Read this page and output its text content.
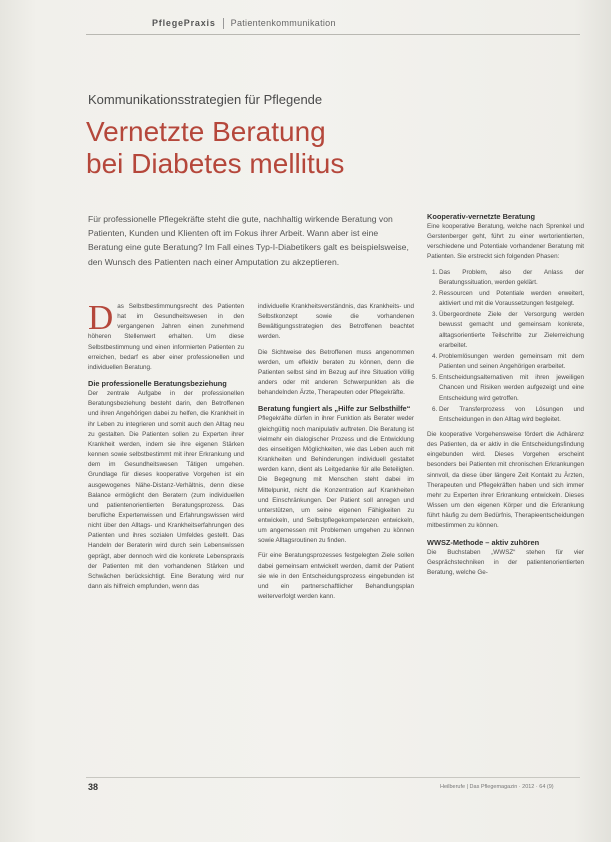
PflegePraxis Patientenkommunikation
Kommunikationsstrategien für Pflegende
Vernetzte Beratung
bei Diabetes mellitus
Für professionelle Pflegekräfte steht die gute, nachhaltig wirkende Beratung von Patienten, Kunden und Klienten oft im Fokus ihrer Arbeit. Wann aber ist eine Beratung eine gute Beratung? Im Fall eines Typ-I-Diabetikers galt es beispielsweise, den Wunsch des Patienten nach einer Amputation zu akzeptieren.

Das Selbstbestimmungsrecht des Patienten hat im Gesundheitswesen in den vergangenen Jahren einen zunehmend höheren Stellenwert erhalten. Um diese Selbstbestimmung und einen informierten Patienten zu erreichen, bedarf es aber einer professionellen und individuellen Beratung.

Die professionelle Beratungsbeziehung

Der zentrale Aufgabe in der professionellen Beratungsbeziehung besteht darin, den Betroffenen und ihren Angehörigen dabei zu helfen, die Krankheit in ihr Leben zu integrieren und somit auch den Alltag neu zu gestalten. Die Patienten sollen zu Experten ihrer Krankheit werden, indem sie ihre eigenen Stärken kennen sowie selbstbestimmt mit ihrer Erkrankung und dem im Gesundheitswesen Tätigen umgehen. Grundlage für dieses kooperative Vorgehen ist ein ausgewogenes Nähe-Distanz-Verhältnis, denn diese Balance ermöglicht den Beratern (zum individuellen und patientenorientierten Beratungsprozess. Das berufliche Expertenwissen und Erfahrungswissen wird nicht über den Alltags- und Krankheitserfahrungen des Patienten und ihres sozialen Umfeldes gestellt. Das Handeln der Beraterin wird durch sein Lebenswissen geprägt, aber dennoch wird die konkrete Lebenspraxis der Patienten mit den vorhandenen Stärken und Schwächen berücksichtigt. Eine Beratung wird nur dann als hilfreich empfunden, wenn das

individuelle Krankheitsverständnis, das Krankheits- und Selbstkonzept sowie die vorhandenen Bewältigungsstrategien des Betroffenen beachtet werden.

Die Sichtweise des Betroffenen muss angenommen werden, um effektiv beraten zu können, denn die Patienten selbst sind im Bezug auf ihre Situation völlig anders oder mit anderen Schwerpunkten als die behandelnden Ärzte, Therapeuten oder Pflegekräfte.

Beratung fungiert als „Hilfe zur Selbsthilfe“

Pflegekräfte dürfen in ihrer Funktion als Berater weder gleichgültig noch manipulativ auftreten. Die Beratung ist vielmehr ein dialogischer Prozess und die Entwicklung des einseitigen Möglichkeiten, wie das Leben auch mit Krankheiten und Behinderungen individuell gestaltet werden kann, dient als Leitgedanke für alle Beteiligten. Die Begegnung mit Menschen steht dabei im Mittelpunkt, nicht die Konzentration auf Krankheiten und Einschränkungen. Der Patient soll anregen und unterstützen, um seine eigenen Fähigkeiten zu entwickeln, und Selbstpflegekompetenzen entwickeln, um angemessen mit Problemen umgehen zu können sowie Alltagsroutinen zu finden.

Für eine Beratungsprozesses festgelegten Ziele sollen dabei gemeinsam entwickelt werden, damit der Patient sie wie in den Entscheidungsprozess eingebunden ist und ein partnerschaftlicher Behandlungsplan weiterverfolgt werden kann.

Kooperativ-vernetzte Beratung

Eine kooperative Beratung, welche nach Sprenkel und Gerstenberger geht, führt zu einer wertorientierten, verschiedene und Potentiale vorhandener Beratung mit Patienten. Sie erstreckt sich folgenden Phasen:

1. Das Problem, also der Anlass der Beratungssituation, werden geklärt.
2. Ressourcen und Potentiale werden erweitert, aktiviert und mit die Voraussetzungen festgelegt.
3. Übergeordnete Ziele der Versorgung werden bewusst gemacht und gemeinsam konkrete, alltagsorientierte Teilschritte zur Zielerreichung erarbeitet.
4. Problemlösungen werden gemeinsam mit dem Patienten und seinen Angehörigen erarbeitet.
5. Entscheidungsalternativen mit ihren jeweiligen Chancen und Risiken werden aufgezeigt und eine Entscheidung wird getroffen.
6. Der Transferprozess von Lösungen und Entscheidungen in den Alltag wird begleitet.

Die kooperative Vorgehensweise fördert die Adhärenz des Patienten, da er aktiv in die Entscheidungsfindung eingebunden wird. Dieses Vorgehen erscheint besonders bei Patienten mit chronischen Erkrankungen sinnvoll, da diese über längere Zeit Kontakt zu Ärzten, Therapeuten und Pflegekräften haben und sich immer mehr zu Experten ihrer Erkrankung entwickeln. Dieses Wissen um den eigenen Körper und die Erkrankung führt häufig zu dem Bedürfnis, Therapieentscheidungen mitbestimmen zu können.

WWSZ-Methode – aktiv zuhören

Die Buchstaben „WWSZ“ stehen für vier Gesprächstechniken in der patientenorientierten Beratung, welche Ge-

38	Heilberufe | Das Pflegemagazin · 2012 · 64 (9)
